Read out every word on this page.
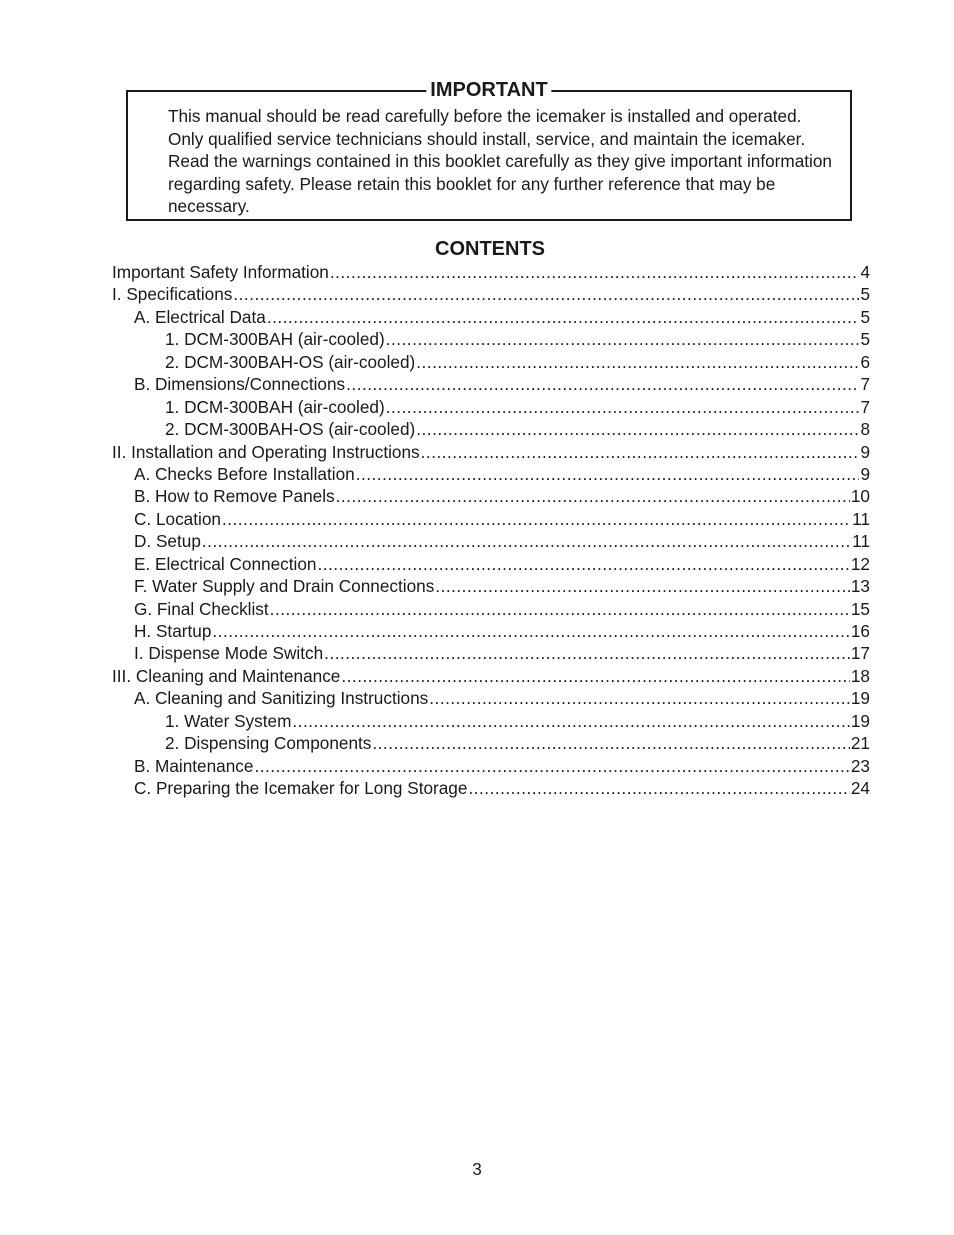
IMPORTANT

This manual should be read carefully before the icemaker is installed and operated. Only qualified service technicians should install, service, and maintain the icemaker. Read the warnings contained in this booklet carefully as they give important information regarding safety. Please retain this booklet for any further reference that may be necessary.

CONTENTS
Important Safety Information .....	4
I. Specifications .....	5
A. Electrical Data .....	5
1. DCM-300BAH (air-cooled) .....	5
2. DCM-300BAH-OS (air-cooled) .....	6
B. Dimensions/Connections .....	7
1. DCM-300BAH (air-cooled) .....	7
2. DCM-300BAH-OS (air-cooled) .....	8
II. Installation and Operating Instructions .....	9
A. Checks Before Installation .....	9
B. How to Remove Panels .....	10
C. Location .....	11
D. Setup .....	11
E. Electrical Connection .....	12
F. Water Supply and Drain Connections .....	13
G. Final Checklist .....	15
H. Startup .....	16
I. Dispense Mode Switch .....	17
III. Cleaning and Maintenance .....	18
A. Cleaning and Sanitizing Instructions .....	19
1. Water System .....	19
2. Dispensing Components .....	21
B. Maintenance .....	23
C. Preparing the Icemaker for Long Storage .....	24

3
